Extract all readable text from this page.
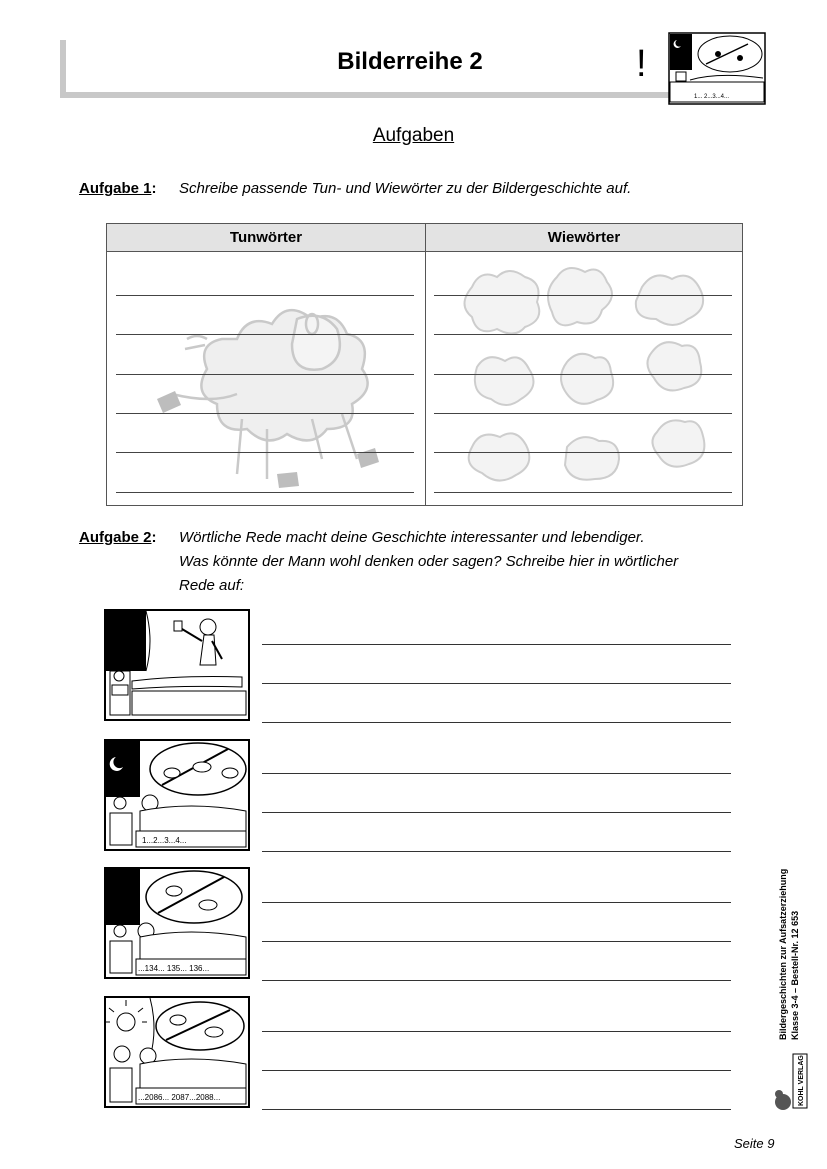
Bilderreihe 2	!
1... 2...3...4...
Aufgaben
Aufgabe 1: Schreibe passende Tun- und Wiewörter zu der Bildergeschichte auf.
Tunwörter	Wiewörter
Aufgabe 2: Wörtliche Rede macht deine Geschichte interessanter und lebendiger.
Was könnte der Mann wohl denken oder sagen? Schreibe hier in wörtlicher
Rede auf:
1...2...3...4...
...134... 135... 136...
...2086... 2087...2088...
Bildergeschichten zur Aufsatzerziehung Klasse 3-4 – Bestell-Nr. 12 653
KOHL VERLAG
Seite 9
